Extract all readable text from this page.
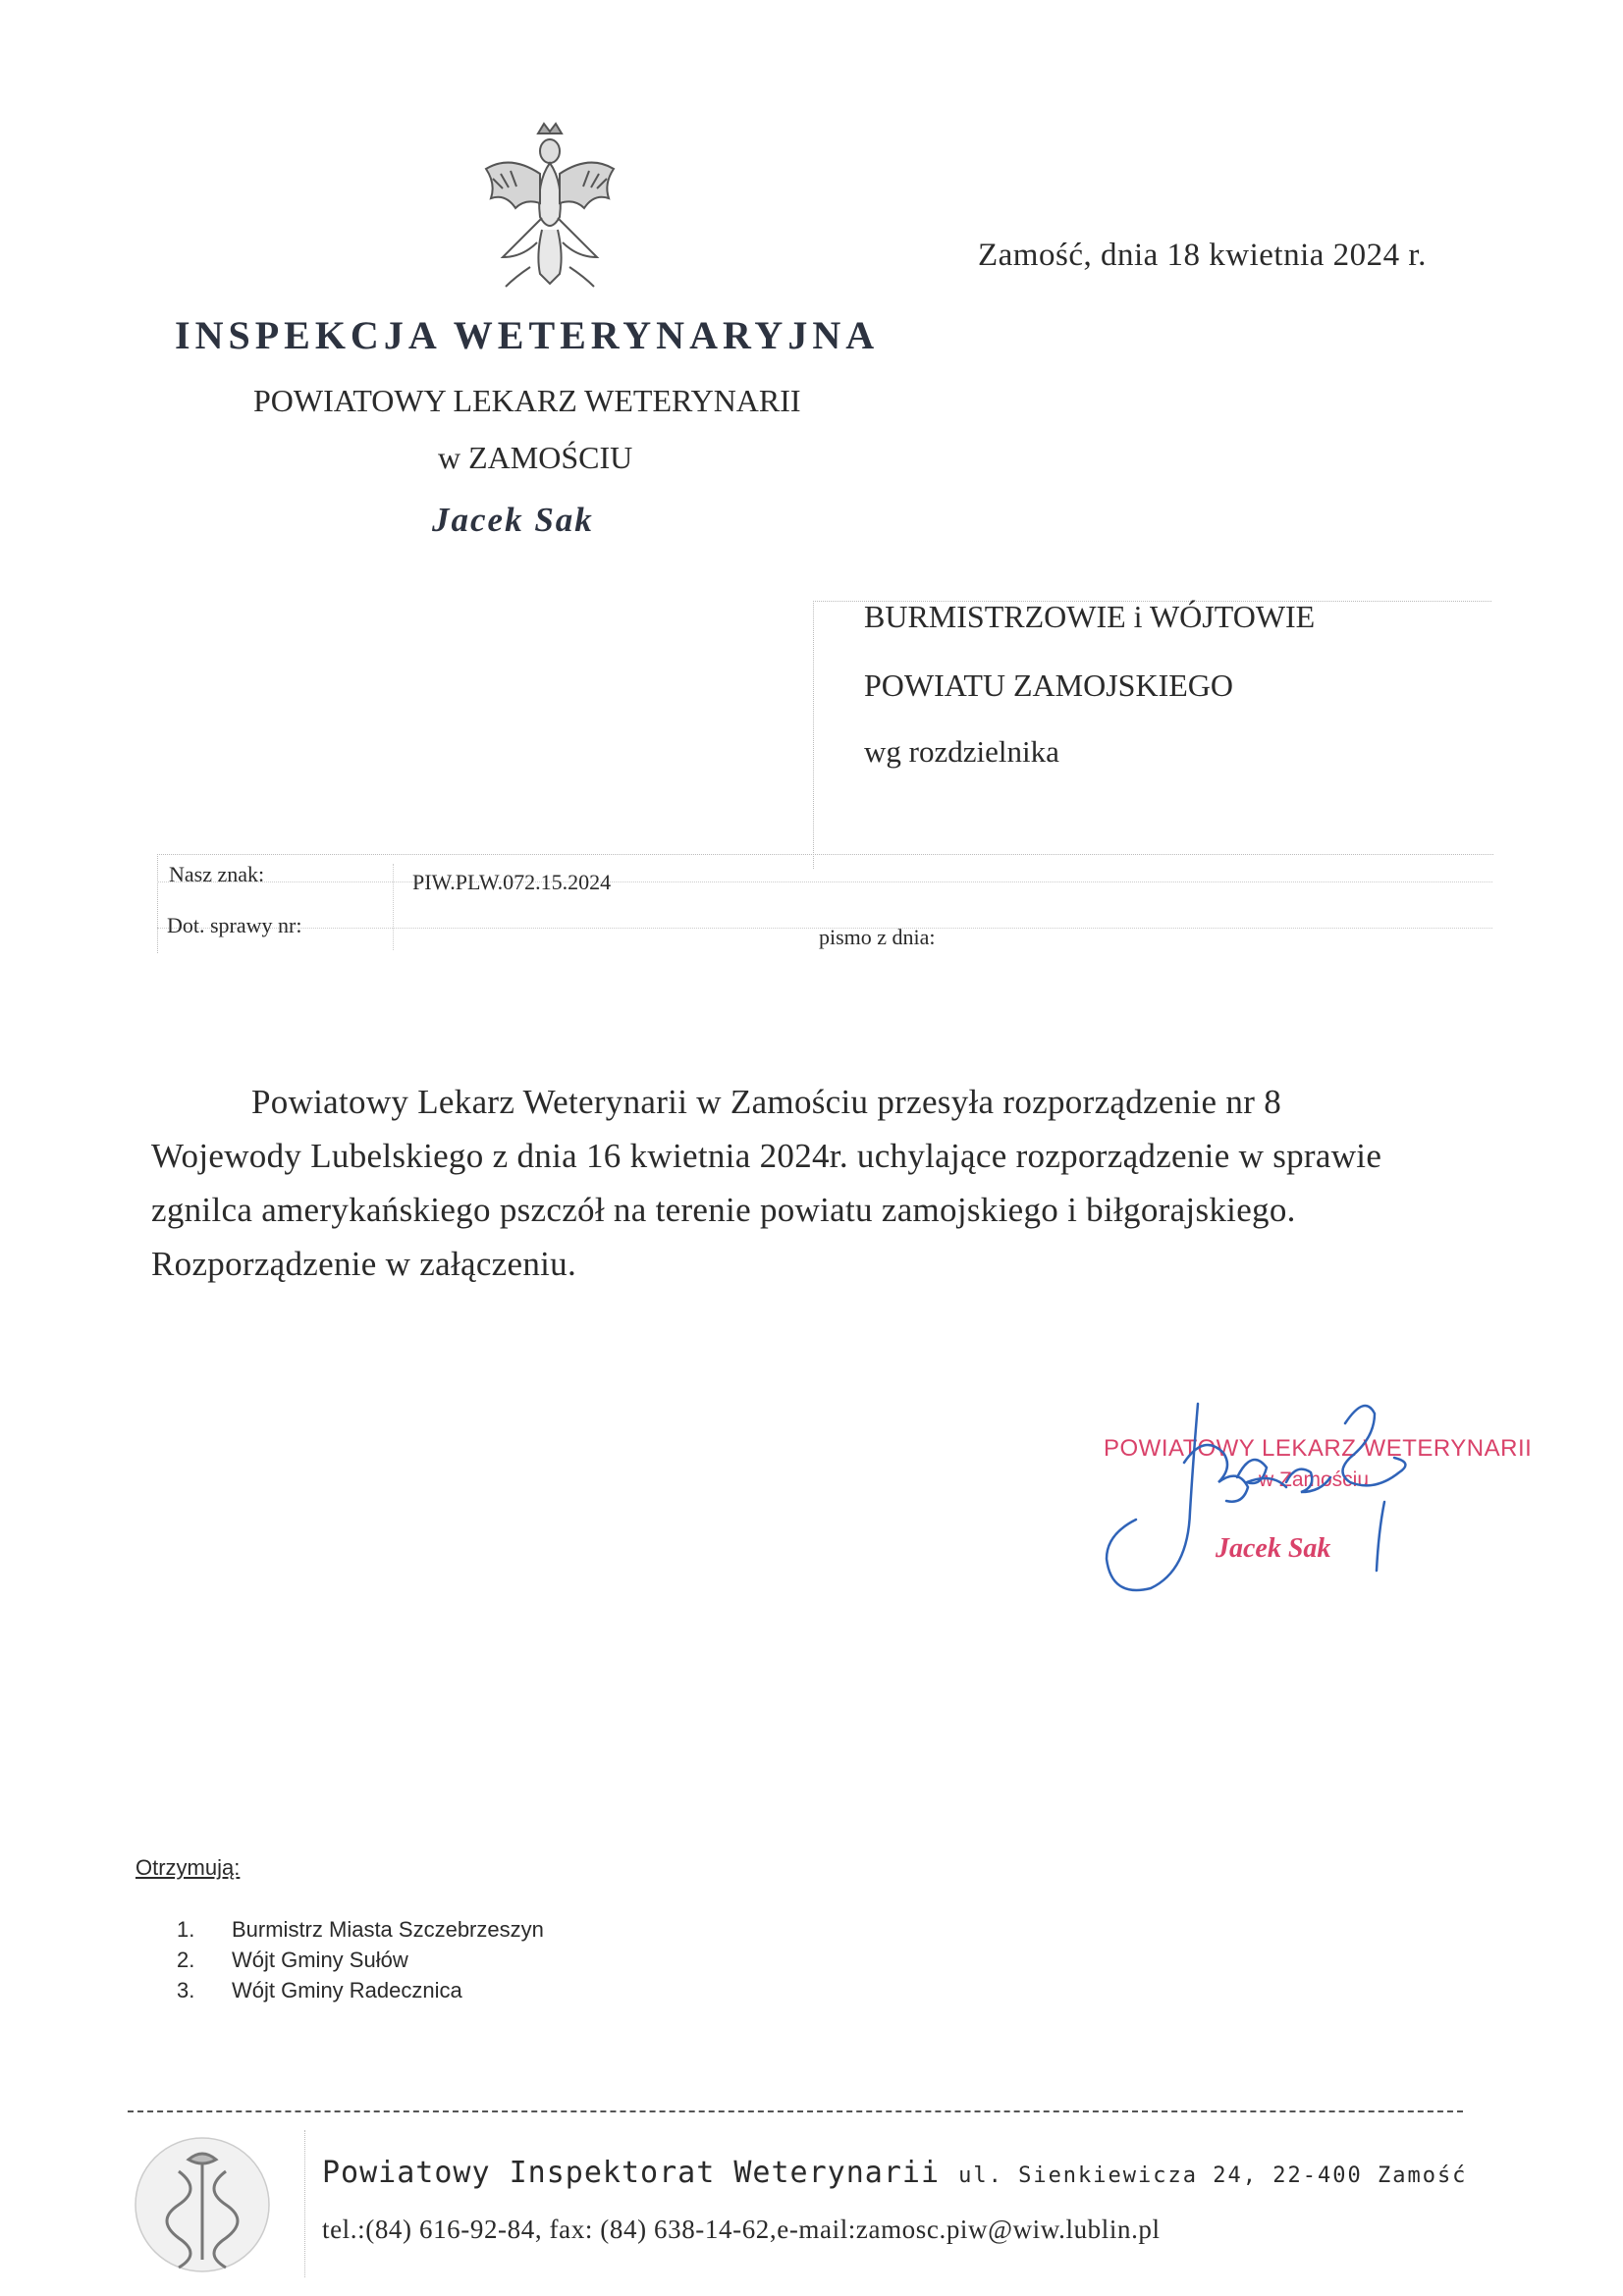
Zamość, dnia 18 kwietnia 2024 r.
INSPEKCJA WETERYNARYJNA
POWIATOWY LEKARZ WETERYNARII
w ZAMOŚCIU
Jacek Sak
BURMISTRZOWIE i WÓJTOWIE
POWIATU ZAMOJSKIEGO
wg rozdzielnika
Nasz znak:	PIW.PLW.072.15.2024
Dot. sprawy nr:	pismo z dnia:
Powiatowy Lekarz Weterynarii w Zamościu przesyła rozporządzenie nr 8 Wojewody Lubelskiego z dnia 16 kwietnia 2024r. uchylające rozporządzenie w sprawie zgnilca amerykańskiego pszczół na terenie powiatu zamojskiego i biłgorajskiego. Rozporządzenie w załączeniu.
POWIATOWY LEKARZ WETERYNARII
w Zamościu
Jacek Sak
Otrzymują:
1.	Burmistrz Miasta Szczebrzeszyn
2.	Wójt Gminy Sułów
3.	Wójt Gminy Radecznica
Powiatowy Inspektorat Weterynarii ul. Sienkiewicza 24, 22-400 Zamość
tel.:(84) 616-92-84, fax: (84) 638-14-62,e-mail:zamosc.piw@wiw.lublin.pl
